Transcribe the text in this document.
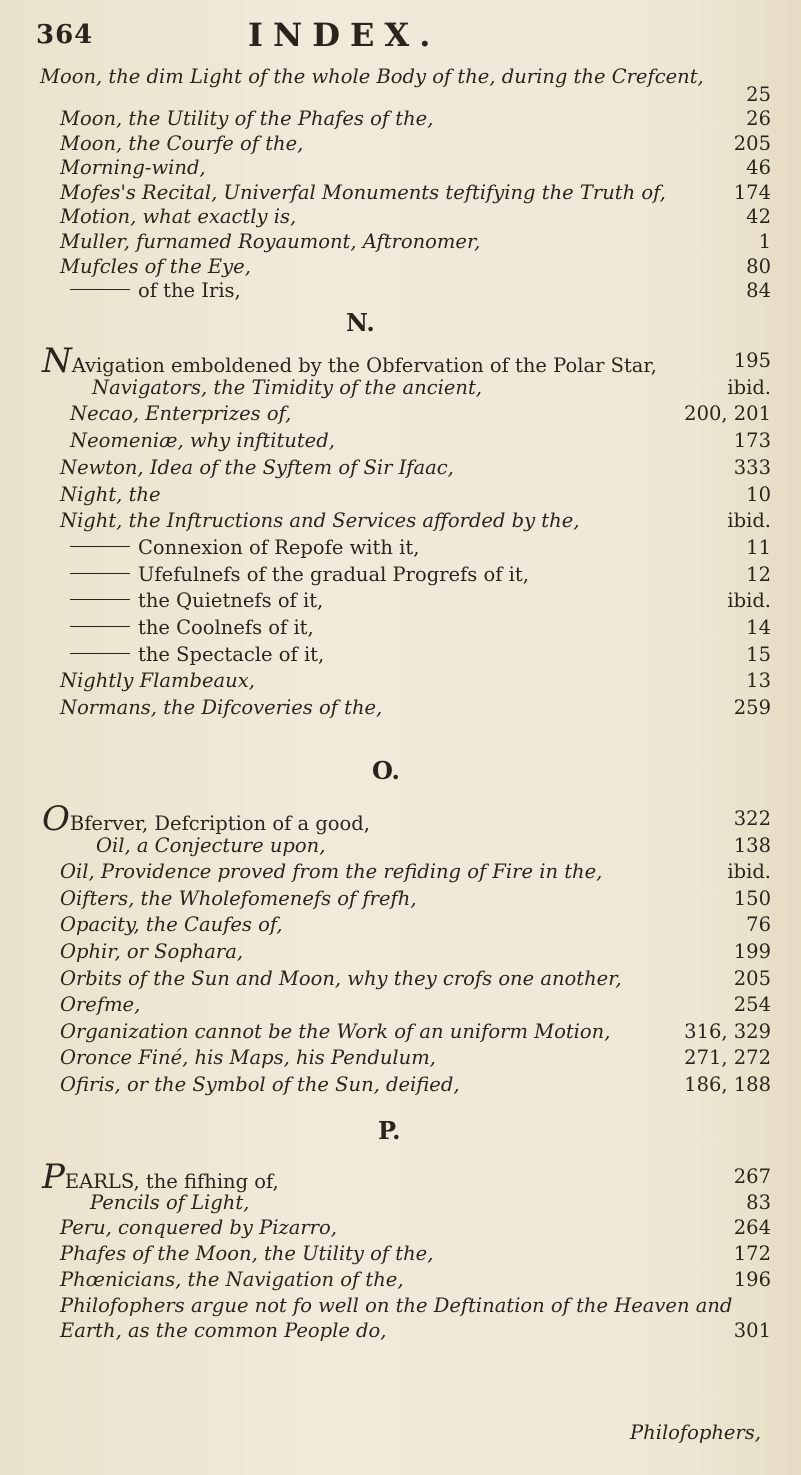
364	INDEX.
Moon, the dim Light of the whole Body of the, during the Crefcent,
25
Moon, the Utility of the Phafes of the,	26
Moon, the Courfe of the,	205
Morning-wind,	46
Mofes's Recital, Univerfal Monuments teftifying the Truth of,	174
Motion, what exactly is,	42
Muller, furnamed Royaumont, Aftronomer,	1
Mufcles of the Eye,	80
of the Iris,	84
N.
NAvigation emboldened by the Obfervation of the Polar Star,	195
Navigators, the Timidity of the ancient,	ibid.
Necao, Enterprizes of,	200, 201
Neomeniæ, why inftituted,	173
Newton, Idea of the Syftem of Sir Ifaac,	333
Night, the	10
Night, the Inftructions and Services afforded by the,	ibid.
Connexion of Repofe with it,	11
Ufefulnefs of the gradual Progrefs of it,	12
the Quietnefs of it,	ibid.
the Coolnefs of it,	14
the Spectacle of it,	15
Nightly Flambeaux,	13
Normans, the Difcoveries of the,	259
O.
OBferver, Defcription of a good,	322
Oil, a Conjecture upon,	138
Oil, Providence proved from the refiding of Fire in the,	ibid.
Oifters, the Wholefomenefs of frefh,	150
Opacity, the Caufes of,	76
Ophir, or Sophara,	199
Orbits of the Sun and Moon, why they crofs one another,	205
Orefme,	254
Organization cannot be the Work of an uniform Motion,	316, 329
Oronce Finé, his Maps, his Pendulum,	271, 272
Ofiris, or the Symbol of the Sun, deified,	186, 188
P.
PEARLS, the fifhing of,	267
Pencils of Light,	83
Peru, conquered by Pizarro,	264
Phafes of the Moon, the Utility of the,	172
Phœnicians, the Navigation of the,	196
Philofophers argue not fo well on the Deftination of the Heaven and
Earth, as the common People do,	301
Philofophers,
